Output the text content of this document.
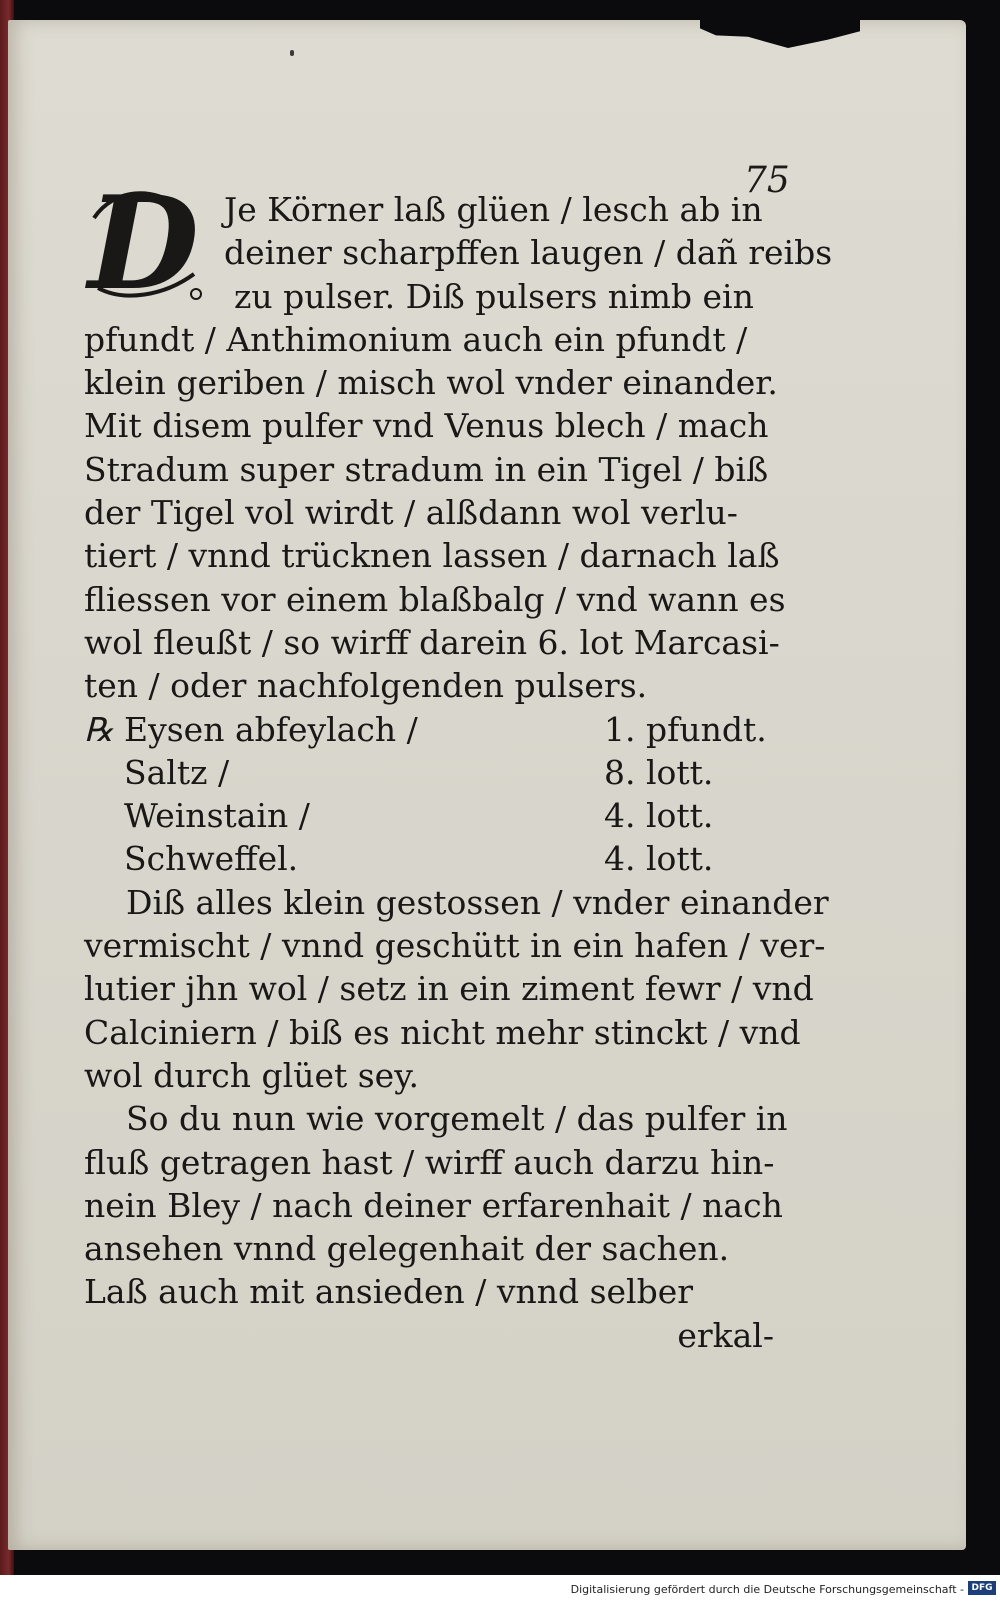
75
D Je Körner laß glüen / lesch ab in
deiner scharpffen laugen / dañ reibs
zu pulser. Diß pulsers nimb ein
pfundt / Anthimonium auch ein pfundt /
klein geriben / misch wol vnder einander.
Mit disem pulfer vnd Venus blech / mach
Stradum super stradum in ein Tigel / biß
der Tigel vol wirdt / alßdann wol verlu-
tiert / vnnd trücknen lassen / darnach laß
fliessen vor einem blaßbalg / vnd wann es
wol fleußt / so wirff darein 6. lot Marcasi-
ten / oder nachfolgenden pulsers.
℞ Eysen abfeylach /	1. pfundt.
Saltz /	8. lott.
Weinstain /	4. lott.
Schweffel.	4. lott.
Diß alles klein gestossen / vnder einander
vermischt / vnnd geschütt in ein hafen / ver-
lutier jhn wol / setz in ein ziment fewr / vnd
Calciniern / biß es nicht mehr stinckt / vnd
wol durch glüet sey.
So du nun wie vorgemelt / das pulfer in
fluß getragen hast / wirff auch darzu hin-
nein Bley / nach deiner erfarenhait / nach
ansehen vnnd gelegenhait der sachen.
Laß auch mit ansieden / vnnd selber
erkal-
Digitalisierung gefördert durch die Deutsche Forschungsgemeinschaft - DFG
